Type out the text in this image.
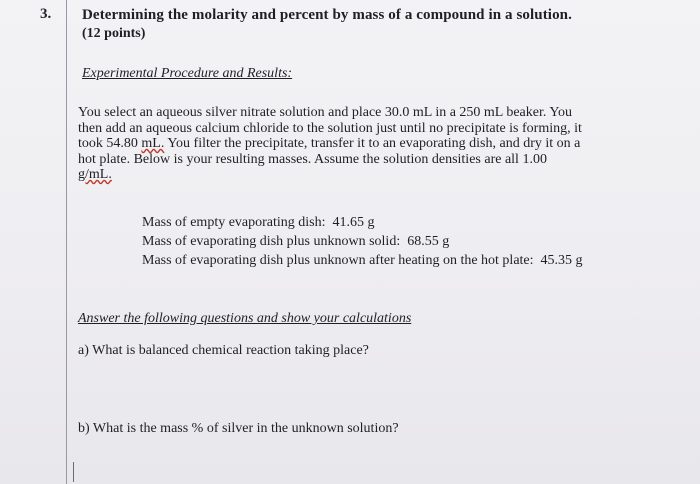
3. Determining the molarity and percent by mass of a compound in a solution.
(12 points)
Experimental Procedure and Results:
You select an aqueous silver nitrate solution and place 30.0 mL in a 250 mL beaker. You
then add an aqueous calcium chloride to the solution just until no precipitate is forming, it
took 54.80 mL. You filter the precipitate, transfer it to an evaporating dish, and dry it on a
hot plate. Below is your resulting masses. Assume the solution densities are all 1.00
g/mL.
Mass of empty evaporating dish: 41.65 g
Mass of evaporating dish plus unknown solid: 68.55 g
Mass of evaporating dish plus unknown after heating on the hot plate: 45.35 g
Answer the following questions and show your calculations
a) What is balanced chemical reaction taking place?
b) What is the mass % of silver in the unknown solution?
